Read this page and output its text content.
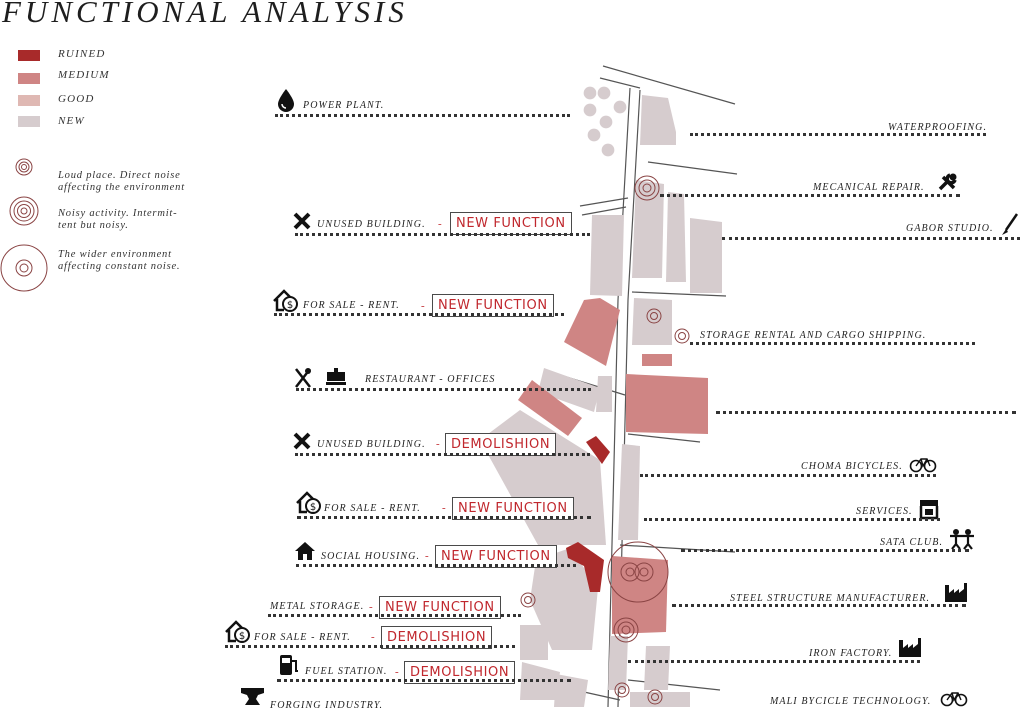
FUNCTIONAL ANALYSIS
RUINED
MEDIUM
GOOD
NEW
Loud place. Direct noise
affecting the environment
Noisy activity. Intermit-
tent but noisy.
The wider environment
affecting constant noise.
POWER PLANT.
UNUSED BUILDING. -	NEW FUNCTION
$ FOR SALE - RENT. -	NEW FUNCTION
RESTAURANT - OFFICES
UNUSED BUILDING. - DEMOLISHION
$ FOR SALE - RENT. - NEW FUNCTION
SOCIAL HOUSING. - NEW FUNCTION
METAL STORAGE. - NEW FUNCTION
$ FOR SALE - RENT. - DEMOLISHION
FUEL STATION. - DEMOLISHION
FORGING INDUSTRY.
WATERPROOFING.
MECANICAL REPAIR.
GABOR STUDIO.
STORAGE RENTAL AND CARGO SHIPPING.
CHOMA BICYCLES.
SERVICES.
SATA CLUB.
STEEL STRUCTURE MANUFACTURER.
IRON FACTORY.
MALI BYCICLE TECHNOLOGY.
